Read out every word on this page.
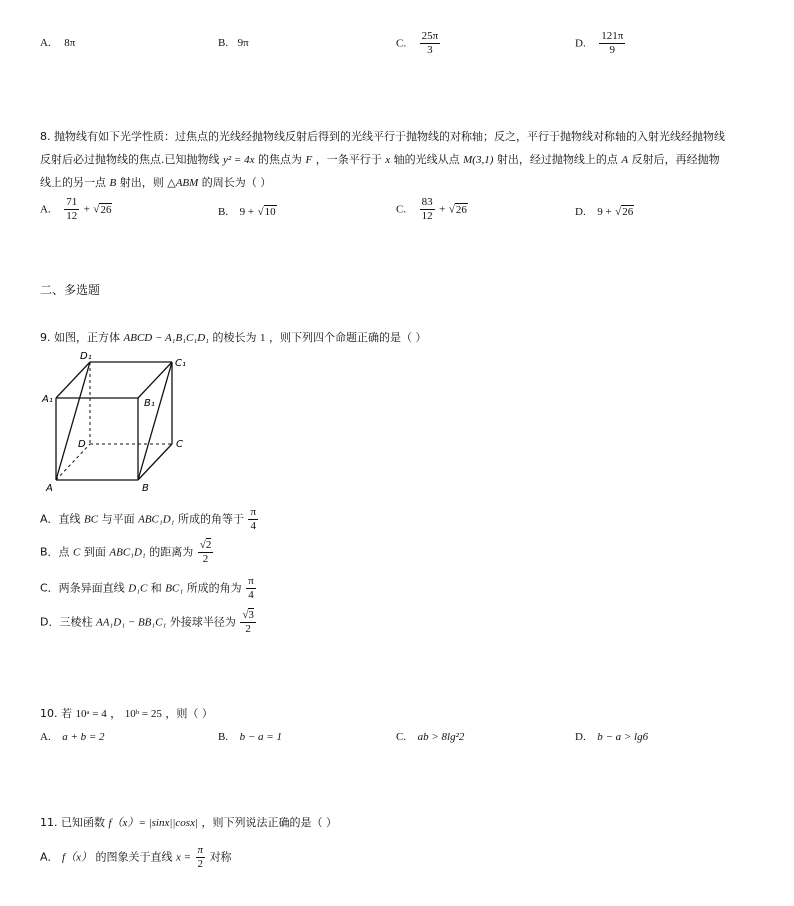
A. 8π	B. 9π	C. $\frac{25\pi}{3}$	D. $\frac{121\pi}{9}$
8. 抛物线有如下光学性质：过焦点的光线经抛物线反射后得到的光线平行于抛物线的对称轴；反之，平行于抛物线对称轴的入射光线经抛物线
反射后必过抛物线的焦点.已知抛物线 y² = 4x 的焦点为 F ，一条平行于 x 轴的光线从点 M(3,1) 射出，经过抛物线上的点 A 反射后，再经抛物
线上的另一点 B 射出，则 △ABM 的周长为（ ）
A. $\frac{71}{12} + √26$	B. 9 + √10	C. $\frac{83}{12} + √26$	D. 9 + √26
二、多选题
9. 如图，正方体 ABCD − A₁B₁C₁D₁ 的棱长为 1 ，则下列四个命题正确的是（ ）
D₁
C₁
A₁	B₁
D	C
A	B
A．直线 BC 与平面 ABC₁D₁ 所成的角等于 $\frac{\pi}{4}$
B．点 C 到面 ABC₁D₁ 的距离为 $\frac{√2}{2}$
C．两条异面直线 D₁C 和 BC₁ 所成的角为 $\frac{\pi}{4}$
D．三棱柱 AA₁D₁ − BB₁C₁ 外接球半径为 $\frac{√3}{2}$
10. 若 10ᵃ = 4 ， 10ᵇ = 25 ，则（ ）
A. a + b = 2	B. b − a = 1	C. ab > 8lg²2	D. b − a > lg6
11. 已知函数 f（x）= |sinx||cosx| ，则下列说法正确的是（ ）
A． f（x） 的图象关于直线 $x = \frac{\pi}{2}$ 对称
